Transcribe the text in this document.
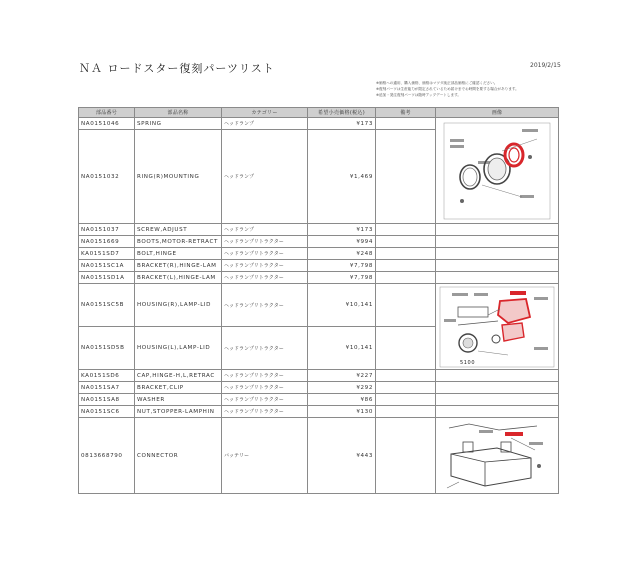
ＮＡ ロードスター復刻パーツリスト	2019/2/15
※価格への適用、購入価格、価格はマツダ純正部品価格にご確認ください。
※復刻パーツは生産能力が限定されているため届けまでお時間を要する場合があります。
※追加・発注復刻パーツは随時アップデートします。
部品番号	部品名称	カテゴリー	希望小売価格(税込)	備考	画像
NA0151046	SPRING	ヘッドランプ	¥173		

NA0151032	RING(R)MOUNTING	ヘッドランプ	¥1,469		
NA0151037	SCREW,ADJUST	ヘッドランプ	¥173		
NA0151669	BOOTS,MOTOR-RETRACT	ヘッドランプリトラクター	¥994		
KA0151SD7	BOLT,HINGE	ヘッドランプリトラクター	¥248		
NA0151SC1A	BRACKET(R),HINGE-LAM	ヘッドランプリトラクター	¥7,798		
NA0151SD1A	BRACKET(L),HINGE-LAM	ヘッドランプリトラクター	¥7,798		
NA0151SC5B	HOUSING(R),LAMP-LID	ヘッドランプリトラクター	¥10,141		5100

NA0151SD5B	HOUSING(L),LAMP-LID	ヘッドランプリトラクター	¥10,141		
KA0151SD6	CAP,HINGE-H,L,RETRAC	ヘッドランプリトラクター	¥227		
NA0151SA7	BRACKET,CLIP	ヘッドランプリトラクター	¥292		
NA0151SA8	WASHER	ヘッドランプリトラクター	¥86		
NA0151SC6	NUT,STOPPER-LAMPHIN	ヘッドランプリトラクター	¥130		
0813668790	CONNECTOR	バッテリー	¥443		
